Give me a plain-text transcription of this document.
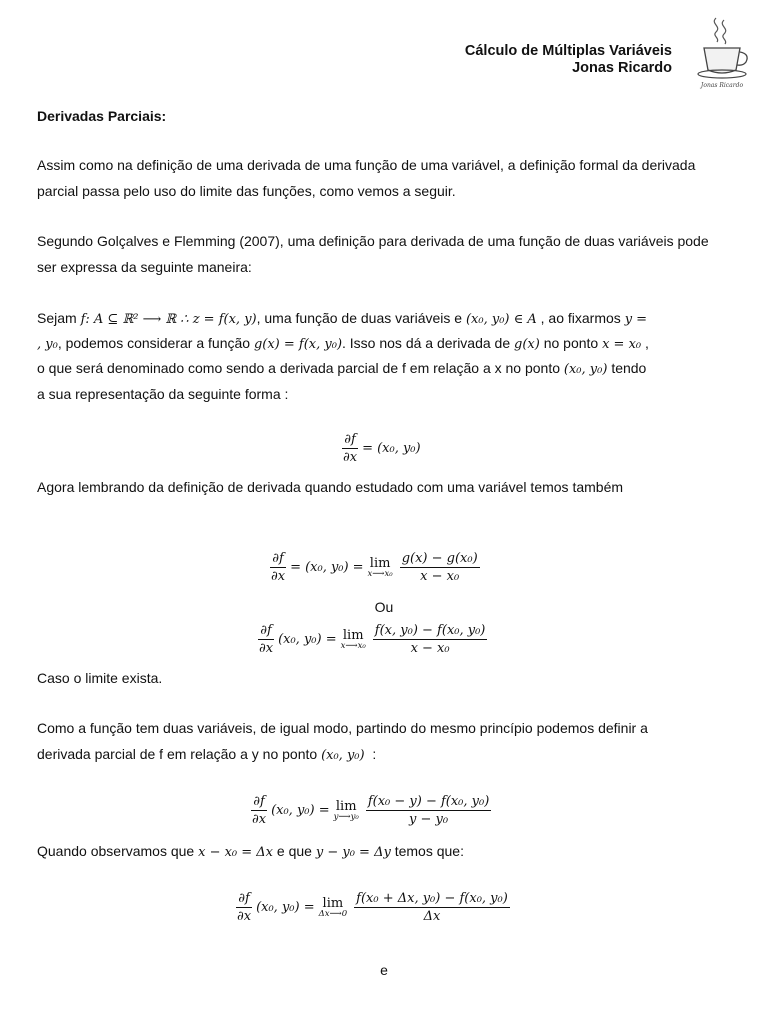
Cálculo de Múltiplas Variáveis
Jonas Ricardo
Jonas Ricardo
Derivadas Parciais:
Assim como na definição de uma derivada de uma função de uma variável, a definição formal da derivada parcial passa pelo uso do limite das funções, como vemos a seguir.
Segundo Golçalves e Flemming (2007), uma definição para derivada de uma função de duas variáveis pode ser expressa da seguinte maneira:
Sejam f: A ⊆ ℝ² ⟶ ℝ ∴ z = f(x, y), uma função de duas variáveis e (x₀, y₀) ∈ A , ao fixarmos y =
, y₀, podemos considerar a função g(x) = f(x, y₀). Isso nos dá a derivada de g(x) no ponto x = x₀ ,
o que será denominado como sendo a derivada parcial de f em relação a x no ponto (x₀, y₀) tendo
a sua representação da seguinte forma :
$\frac{\partial f}{\partial x} = (x_0$, y₀)
Agora lembrando da definição de derivada quando estudado com uma variável temos também
$\frac{\partial f}{\partial x} = (x_0$, y₀) = lim
x⟶x₀ $\frac{\text{g(x) − g(x₀)}}{\text{x − x₀}}$
Ou
$\frac{\partial f}{\partial x} (x_0$, y₀) = lim
x⟶x₀ $\frac{\text{f(x, y₀) − f(x₀, y₀)}}{\text{x − x₀}}$
Caso o limite exista.
Como a função tem duas variáveis, de igual modo, partindo do mesmo princípio podemos definir a
derivada parcial de f em relação a y no ponto (x₀, y₀)  :
$\frac{\partial f}{\partial x} (x_0$, y₀) = lim
y⟶y₀ $\frac{\text{f(x₀ − y) − f(x₀, y₀)}}{\text{y − y₀}}$
Quando observamos que x − x₀ = Δx e que y − y₀ = Δy temos que:
$\frac{\partial f}{\partial x} (x_0$, y₀) = lim
Δx⟶0 $\frac{\text{f(x₀ + Δx, y₀) − f(x₀, y₀)}}{\Delta x}$
e
